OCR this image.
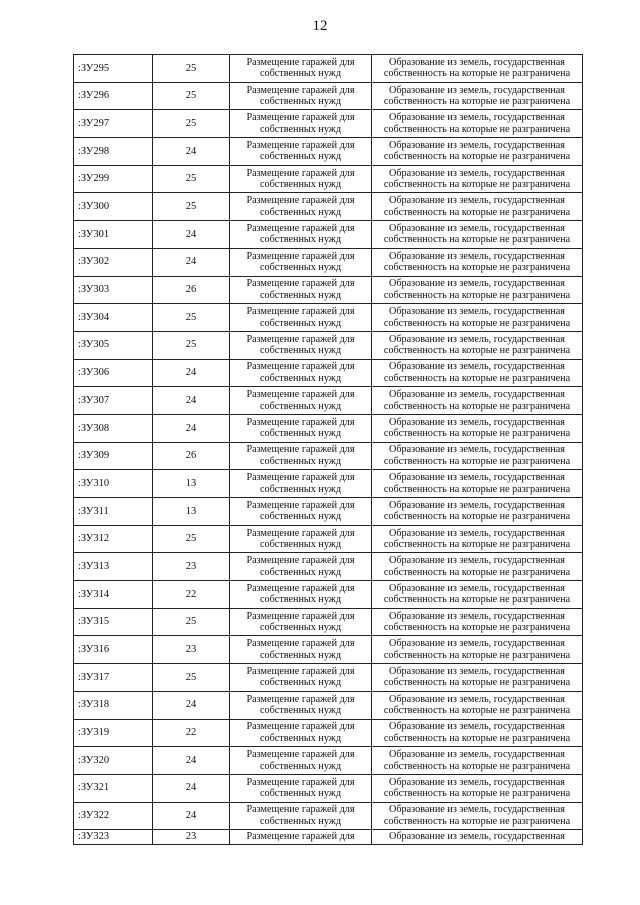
12
:ЗУ295	25	Размещение гаражей для
собственных нужд	Образование из земель, государственная
собственность на которые не разграничена

:ЗУ296	25	Размещение гаражей для
собственных нужд	Образование из земель, государственная
собственность на которые не разграничена

:ЗУ297	25	Размещение гаражей для
собственных нужд	Образование из земель, государственная
собственность на которые не разграничена

:ЗУ298	24	Размещение гаражей для
собственных нужд	Образование из земель, государственная
собственность на которые не разграничена

:ЗУ299	25	Размещение гаражей для
собственных нужд	Образование из земель, государственная
собственность на которые не разграничена

:ЗУ300	25	Размещение гаражей для
собственных нужд	Образование из земель, государственная
собственность на которые не разграничена

:ЗУ301	24	Размещение гаражей для
собственных нужд	Образование из земель, государственная
собственность на которые не разграничена

:ЗУ302	24	Размещение гаражей для
собственных нужд	Образование из земель, государственная
собственность на которые не разграничена

:ЗУ303	26	Размещение гаражей для
собственных нужд	Образование из земель, государственная
собственность на которые не разграничена

:ЗУ304	25	Размещение гаражей для
собственных нужд	Образование из земель, государственная
собственность на которые не разграничена

:ЗУ305	25	Размещение гаражей для
собственных нужд	Образование из земель, государственная
собственность на которые не разграничена

:ЗУ306	24	Размещение гаражей для
собственных нужд	Образование из земель, государственная
собственность на которые не разграничена

:ЗУ307	24	Размещение гаражей для
собственных нужд	Образование из земель, государственная
собственность на которые не разграничена

:ЗУ308	24	Размещение гаражей для
собственных нужд	Образование из земель, государственная
собственность на которые не разграничена

:ЗУ309	26	Размещение гаражей для
собственных нужд	Образование из земель, государственная
собственность на которые не разграничена

:ЗУ310	13	Размещение гаражей для
собственных нужд	Образование из земель, государственная
собственность на которые не разграничена

:ЗУ311	13	Размещение гаражей для
собственных нужд	Образование из земель, государственная
собственность на которые не разграничена

:ЗУ312	25	Размещение гаражей для
собственных нужд	Образование из земель, государственная
собственность на которые не разграничена

:ЗУ313	23	Размещение гаражей для
собственных нужд	Образование из земель, государственная
собственность на которые не разграничена

:ЗУ314	22	Размещение гаражей для
собственных нужд	Образование из земель, государственная
собственность на которые не разграничена

:ЗУ315	25	Размещение гаражей для
собственных нужд	Образование из земель, государственная
собственность на которые не разграничена

:ЗУ316	23	Размещение гаражей для
собственных нужд	Образование из земель, государственная
собственность на которые не разграничена

:ЗУ317	25	Размещение гаражей для
собственных нужд	Образование из земель, государственная
собственность на которые не разграничена

:ЗУ318	24	Размещение гаражей для
собственных нужд	Образование из земель, государственная
собственность на которые не разграничена

:ЗУ319	22	Размещение гаражей для
собственных нужд	Образование из земель, государственная
собственность на которые не разграничена

:ЗУ320	24	Размещение гаражей для
собственных нужд	Образование из земель, государственная
собственность на которые не разграничена

:ЗУ321	24	Размещение гаражей для
собственных нужд	Образование из земель, государственная
собственность на которые не разграничена

:ЗУ322	24	Размещение гаражей для
собственных нужд	Образование из земель, государственная
собственность на которые не разграничена

:ЗУ323	23	Размещение гаражей для	Образование из земель, государственная
